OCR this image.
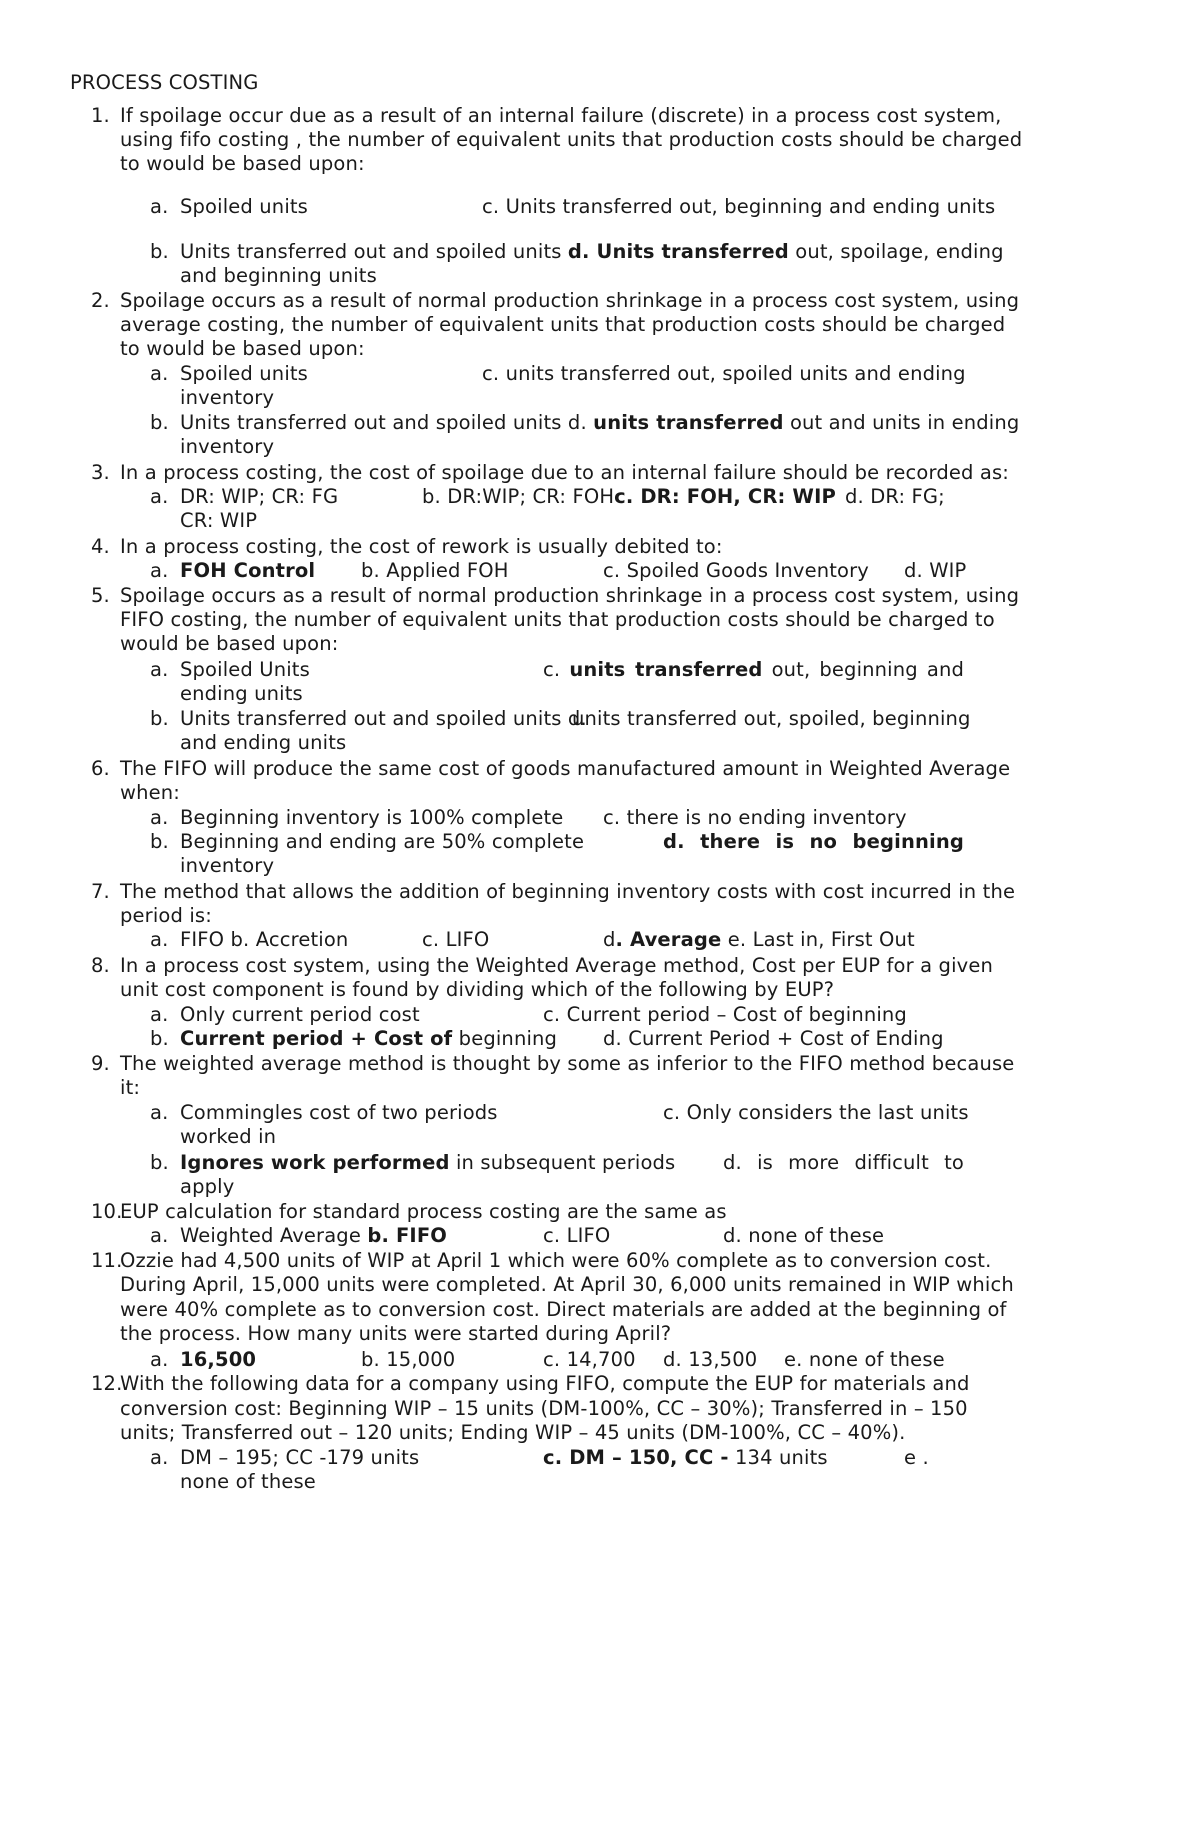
PROCESS COSTING
1. If spoilage occur due as a result of an internal failure (discrete) in a process cost system,
using fifo costing , the number of equivalent units that production costs should be charged
to would be based upon:
a. Spoiled units	c. Units transferred out, beginning and ending units
b. Units transferred out and spoiled units d. Units transferred out, spoilage, ending
and beginning units
2. Spoilage occurs as a result of normal production shrinkage in a process cost system, using
average costing, the number of equivalent units that production costs should be charged
to would be based upon:
a. Spoiled units	c. units transferred out, spoiled units and ending
inventory
b. Units transferred out and spoiled units d. units transferred out and units in ending
inventory
3. In a process costing, the cost of spoilage due to an internal failure should be recorded as:
a. DR: WIP; CR: FG	b. DR:WIP; CR: FOHc. DR: FOH, CR: WIP d. DR: FG;
CR: WIP
4. In a process costing, the cost of rework is usually debited to:
a. FOH Control b. Applied FOH	c. Spoiled Goods Inventory d. WIP
5. Spoilage occurs as a result of normal production shrinkage in a process cost system, using
FIFO costing, the number of equivalent units that production costs should be charged to
would be based upon:
a. Spoiled Units	c. units transferred out, beginning and
ending units
b. Units transferred out and spoiled units d.
units transferred out, spoiled, beginning
and ending units
6. The FIFO will produce the same cost of goods manufactured amount in Weighted Average
when:
a. Beginning inventory is 100% complete c. there is no ending inventory
b. Beginning and ending are 50% complete	d. there is no beginning
inventory
7. The method that allows the addition of beginning inventory costs with cost incurred in the
period is:
a. FIFO b. Accretion	c. LIFO	d. Average e. Last in, First Out
8. In a process cost system, using the Weighted Average method, Cost per EUP for a given
unit cost component is found by dividing which of the following by EUP?
a. Only current period cost	c. Current period – Cost of beginning
b. Current period + Cost of beginning d. Current Period + Cost of Ending
9. The weighted average method is thought by some as inferior to the FIFO method because
it:
a. Commingles cost of two periods	c. Only considers the last units
worked in
b. Ignores work performed in subsequent periods d. is more difficult to
apply
10.
EUP calculation for standard process costing are the same as
a. Weighted Average b. FIFO	c. LIFO	d. none of these
11.
Ozzie had 4,500 units of WIP at April 1 which were 60% complete as to conversion cost.
During April, 15,000 units were completed. At April 30, 6,000 units remained in WIP which
were 40% complete as to conversion cost. Direct materials are added at the beginning of
the process. How many units were started during April?
a. 16,500	b. 15,000	c. 14,700 d. 13,500 e. none of these
12.
With the following data for a company using FIFO, compute the EUP for materials and
conversion cost: Beginning WIP – 15 units (DM-100%, CC – 30%); Transferred in – 150
units; Transferred out – 120 units; Ending WIP – 45 units (DM-100%, CC – 40%).
a. DM – 195; CC -179 units	c. DM – 150, CC - 134 units	e .
none of these
